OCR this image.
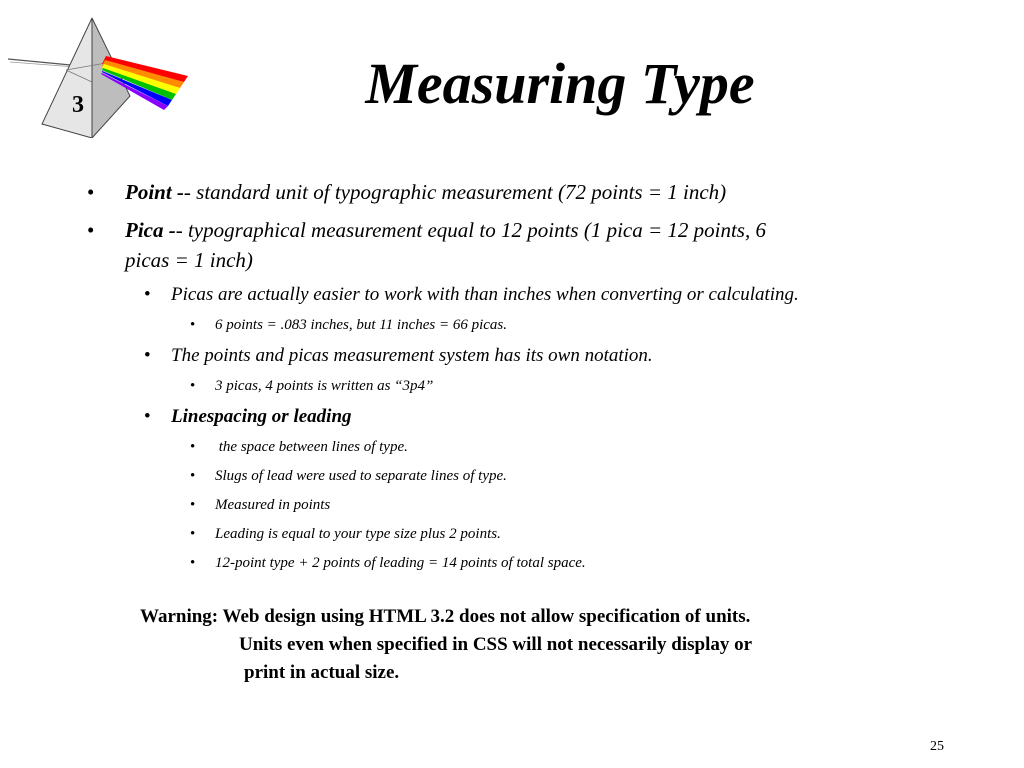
3	Measuring Type
• Point -- standard unit of typographic measurement (72 points = 1 inch)
• Pica -- typographical measurement equal to 12 points (1 pica = 12 points, 6
picas = 1 inch)
• Picas are actually easier to work with than inches when converting or calculating.
• 6 points = .083 inches, but 11 inches = 66 picas.
• The points and picas measurement system has its own notation.
• 3 picas, 4 points is written as “3p4”
• Linespacing or leading
• the space between lines of type.
• Slugs of lead were used to separate lines of type.
• Measured in points
• Leading is equal to your type size plus 2 points.
• 12-point type + 2 points of leading = 14 points of total space.
Warning: Web design using HTML 3.2 does not allow specification of units.
Units even when specified in CSS will not necessarily display or
print in actual size.
25
